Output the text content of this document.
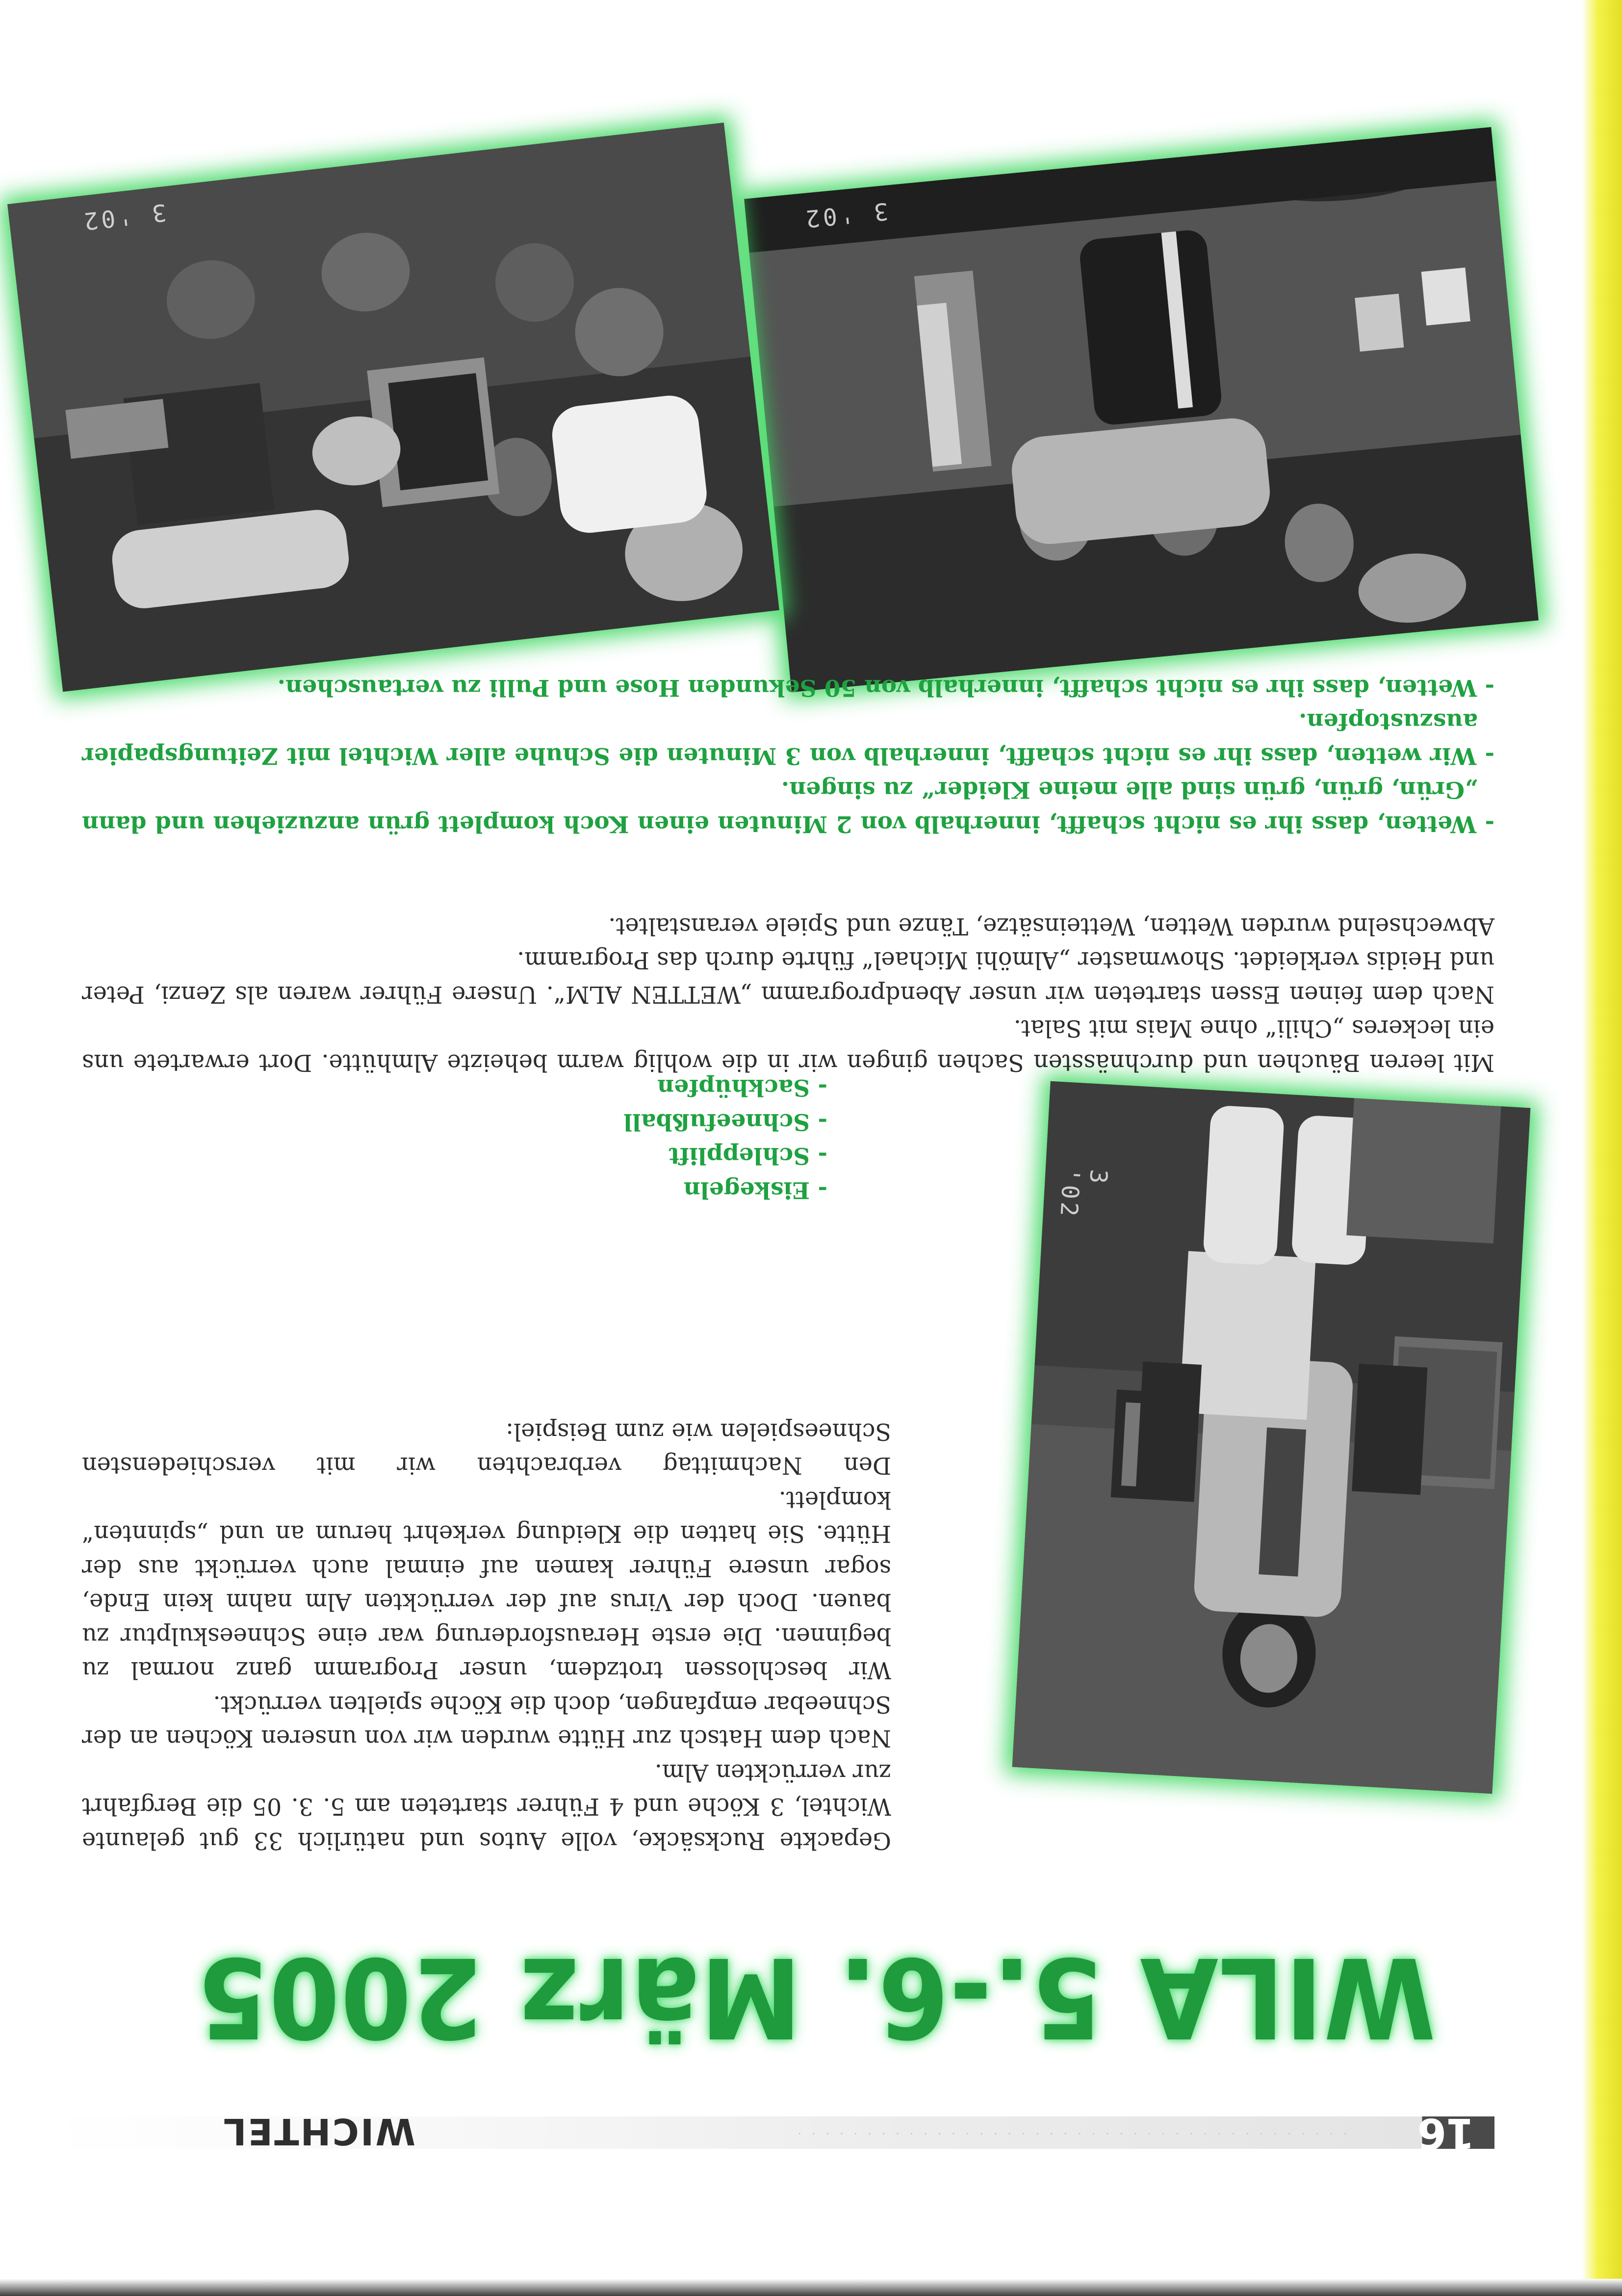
16
· · · · · · · · · · · · · · · · · · · · · · · · · · · · · · · · · · · · · · · ·
WICHTEL
WILA 5.-6. März 2005
3 '02
3 '02
3 '02

Gepackte Rucksäcke, volle Autos und natürlich 33 gut gelaunte Wichtel, 3 Köche und 4 Führer starteten am 5. 3. 05 die Bergfahrt zur verrückten Alm.

Nach dem Hatsch zur Hütte wurden wir von unseren Köchen an der Schneebar empfangen, doch die Köche spielten verrückt.

Wir beschlossen trotzdem, unser Programm ganz normal zu beginnen. Die erste Herausforderung war eine Schneeskulptur zu bauen. Doch der Virus auf der verrückten Alm nahm kein Ende, sogar unsere Führer kamen auf einmal auch verrückt aus der Hütte. Sie hatten die Kleidung verkehrt herum an und „spinnten“ komplett.

Den Nachmittag verbrachten wir mit verschiedensten Schneespielen wie zum Beispiel:

- Eiskegeln

- Schlepplift

- Schneefußball

- Sackhüpfen

Mit leeren Bäuchen und durchnässten Sachen gingen wir in die wohlig warm beheizte Almhütte. Dort erwartete uns ein leckeres „Chili“ ohne Mais mit Salat.

Nach dem feinen Essen starteten wir unser Abendprogramm „WETTEN ALM“. Unsere Führer waren als Zenzi, Peter und Heidis verkleidet. Showmaster „Almöhi Michael“ führte durch das Programm.

Abwechselnd wurden Wetten, Wetteinsätze, Tänze und Spiele veranstaltet.

- Wetten, dass ihr es nicht schafft, innerhalb von 2 Minuten einen Koch komplett grün anzuziehen und dann „Grün, grün, grün sind alle meine Kleider“ zu singen.

- Wir wetten, dass ihr es nicht schafft, innerhalb von 3 Minuten die Schuhe aller Wichtel mit Zeitungspapier auszustopfen.

- Wetten, dass ihr es nicht schafft, innerhalb von 50 Sekunden Hose und Pulli zu vertauschen.
